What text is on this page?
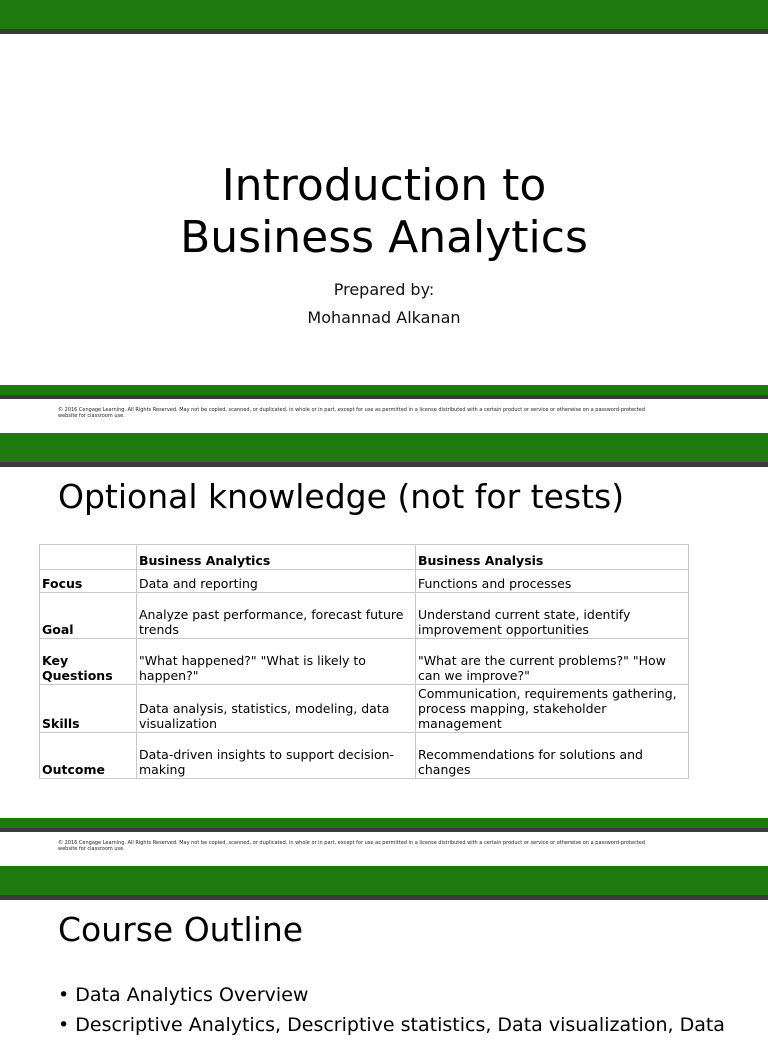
Introduction to
Business Analytics
Prepared by:
Mohannad Alkanan
© 2016 Cengage Learning. All Rights Reserved. May not be copied, scanned, or duplicated, in whole or in part, except for use as permitted in a license distributed with a certain product or service or otherwise on a password-protected
website for classroom use.
Optional knowledge (not for tests)
© 2016 Cengage Learning. All Rights Reserved. May not be copied, scanned, or duplicated, in whole or in part, except for use as permitted in a license distributed with a certain product or service or otherwise on a password-protected
website for classroom use.
	Business Analytics	Business Analysis
Focus	Data and reporting	Functions and processes
Goal	Analyze past performance, forecast future trends	Understand current state, identify improvement opportunities
Key Questions	"What happened?" "What is likely to happen?"	"What are the current problems?" "How can we improve?"
Skills	Data analysis, statistics, modeling, data visualization	Communication, requirements gathering, process mapping, stakeholder management
Outcome	Data-driven insights to support decision-making	Recommendations for solutions and changes
Course Outline
• Data Analytics Overview
• Descriptive Analytics, Descriptive statistics, Data visualization, Data
